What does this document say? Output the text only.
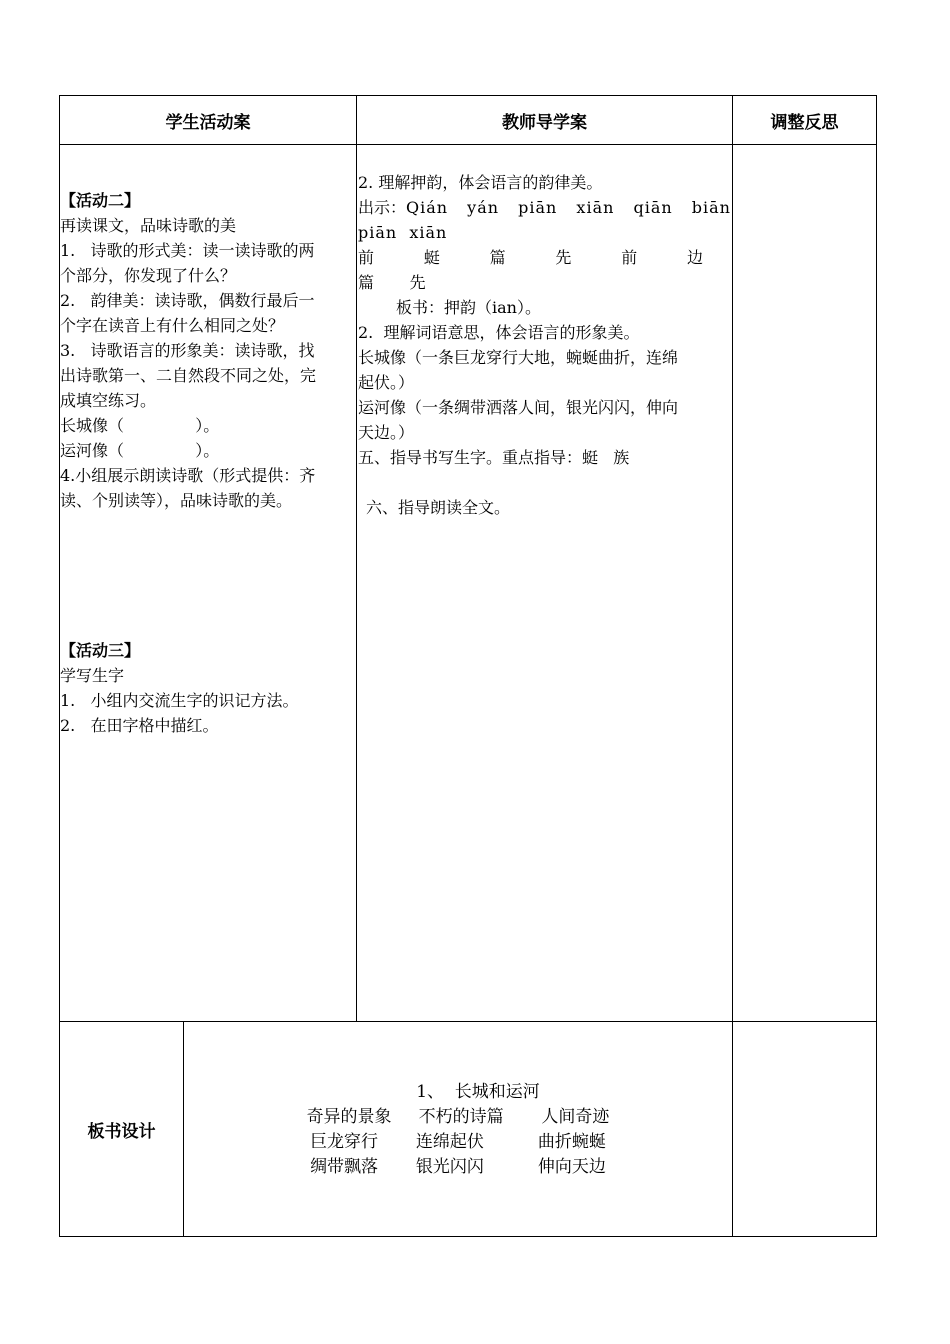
学生活动案	教师导学案	调整反思
【活动二】
再读课文，品味诗歌的美
1.   诗歌的形式美：读一读诗歌的两
个部分，你发现了什么？
2.   韵律美：读诗歌，偶数行最后一
个字在读音上有什么相同之处？
3.   诗歌语言的形象美：读诗歌，找
出诗歌第一、二自然段不同之处，完
成填空练习。
长城像（              ）。
运河像（              ）。
4.小组展示朗读诗歌（形式提供：齐
读、个别读等），品味诗歌的美。
【活动三】
学写生字
1.   小组内交流生字的识记方法。
2.   在田字格中描红。
2. 理解押韵，体会语言的韵律美。
出示：Qián yán piān xiān qiān biān
piān  xiān
前	蜓	篇	先	前	边
篇       先
板书：押韵（ian）。
2.  理解词语意思，体会语言的形象美。
长城像（一条巨龙穿行大地，蜿蜒曲折，连绵
起伏。）
运河像（一条绸带洒落人间，银光闪闪，伸向
天边。）
五、指导书写生字。重点指导：蜓   族
六、指导朗读全文。
板书设计
1、  长城和运河
奇异的景象     不朽的诗篇       人间奇迹
巨龙穿行       连绵起伏          曲折蜿蜒
绸带飘落       银光闪闪          伸向天边
